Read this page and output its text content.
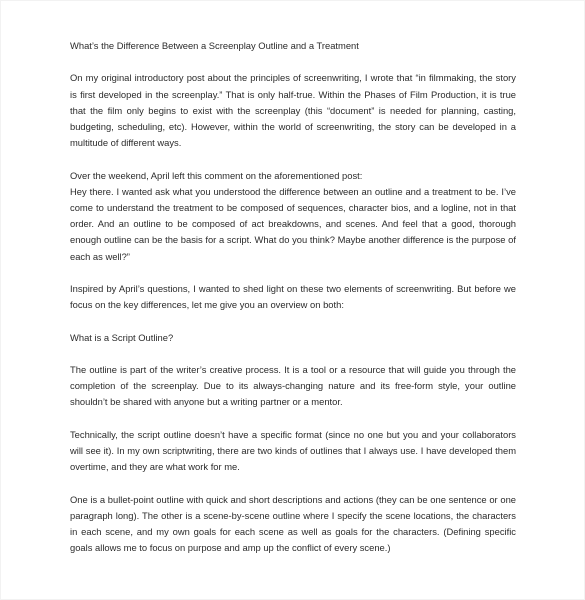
What’s the Difference Between a Screenplay Outline and a Treatment

On my original introductory post about the principles of screenwriting, I wrote that “in filmmaking, the story is first developed in the screenplay.” That is only half-true. Within the Phases of Film Production, it is true that the film only begins to exist with the screenplay (this “document” is needed for planning, casting, budgeting, scheduling, etc). However, within the world of screenwriting, the story can be developed in a multitude of different ways.

Over the weekend, April left this comment on the aforementioned post:
Hey there. I wanted ask what you understood the difference between an outline and a treatment to be. I’ve come to understand the treatment to be composed of sequences, character bios, and a logline, not in that order. And an outline to be composed of act breakdowns, and scenes. And feel that a good, thorough enough outline can be the basis for a script. What do you think? Maybe another difference is the purpose of each as well?”

Inspired by April’s questions, I wanted to shed light on these two elements of screenwriting. But before we focus on the key differences, let me give you an overview on both:

What is a Script Outline?

The outline is part of the writer’s creative process. It is a tool or a resource that will guide you through the completion of the screenplay. Due to its always-changing nature and its free-form style, your outline shouldn’t be shared with anyone but a writing partner or a mentor.

Technically, the script outline doesn’t have a specific format (since no one but you and your collaborators will see it). In my own scriptwriting, there are two kinds of outlines that I always use. I have developed them overtime, and they are what work for me.

One is a bullet-point outline with quick and short descriptions and actions (they can be one sentence or one paragraph long). The other is a scene-by-scene outline where I specify the scene locations, the characters in each scene, and my own goals for each scene as well as goals for the characters. (Defining specific goals allows me to focus on purpose and amp up the conflict of every scene.)
